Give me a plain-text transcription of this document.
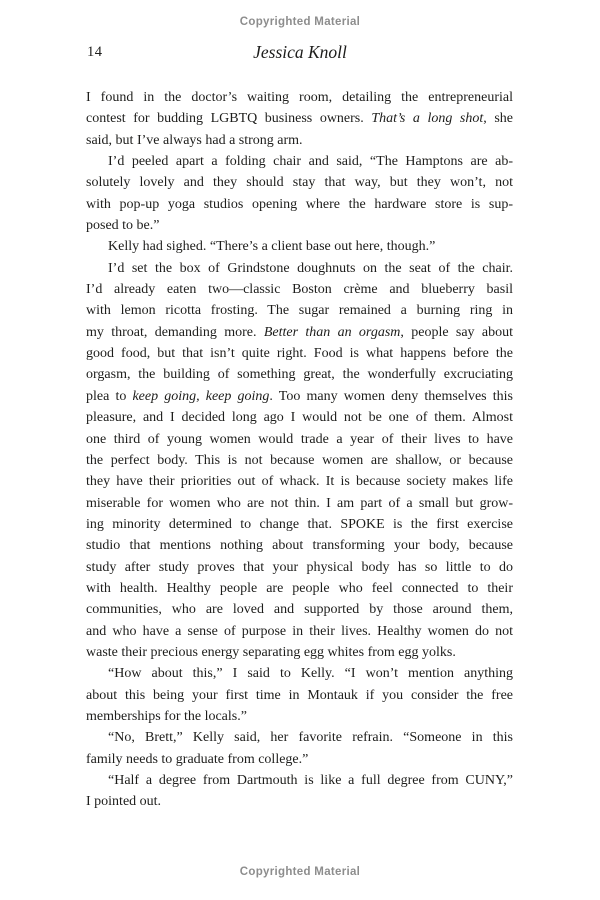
Copyrighted Material
14	Jessica Knoll
I found in the doctor’s waiting room, detailing the entrepreneurial
contest for budding LGBTQ business owners. That’s a long shot, she
said, but I’ve always had a strong arm.
I’d peeled apart a folding chair and said, “The Hamptons are ab-
solutely lovely and they should stay that way, but they won’t, not
with pop-up yoga studios opening where the hardware store is sup-
posed to be.”
Kelly had sighed. “There’s a client base out here, though.”
I’d set the box of Grindstone doughnuts on the seat of the chair.
I’d already eaten two—classic Boston crème and blueberry basil
with lemon ricotta frosting. The sugar remained a burning ring in
my throat, demanding more. Better than an orgasm, people say about
good food, but that isn’t quite right. Food is what happens before the
orgasm, the building of something great, the wonderfully excruciating
plea to keep going, keep going. Too many women deny themselves this
pleasure, and I decided long ago I would not be one of them. Almost
one third of young women would trade a year of their lives to have
the perfect body. This is not because women are shallow, or because
they have their priorities out of whack. It is because society makes life
miserable for women who are not thin. I am part of a small but grow-
ing minority determined to change that. SPOKE is the first exercise
studio that mentions nothing about transforming your body, because
study after study proves that your physical body has so little to do
with health. Healthy people are people who feel connected to their
communities, who are loved and supported by those around them,
and who have a sense of purpose in their lives. Healthy women do not
waste their precious energy separating egg whites from egg yolks.
“How about this,” I said to Kelly. “I won’t mention anything
about this being your first time in Montauk if you consider the free
memberships for the locals.”
“No, Brett,” Kelly said, her favorite refrain. “Someone in this
family needs to graduate from college.”
“Half a degree from Dartmouth is like a full degree from CUNY,”
I pointed out.
Copyrighted Material
